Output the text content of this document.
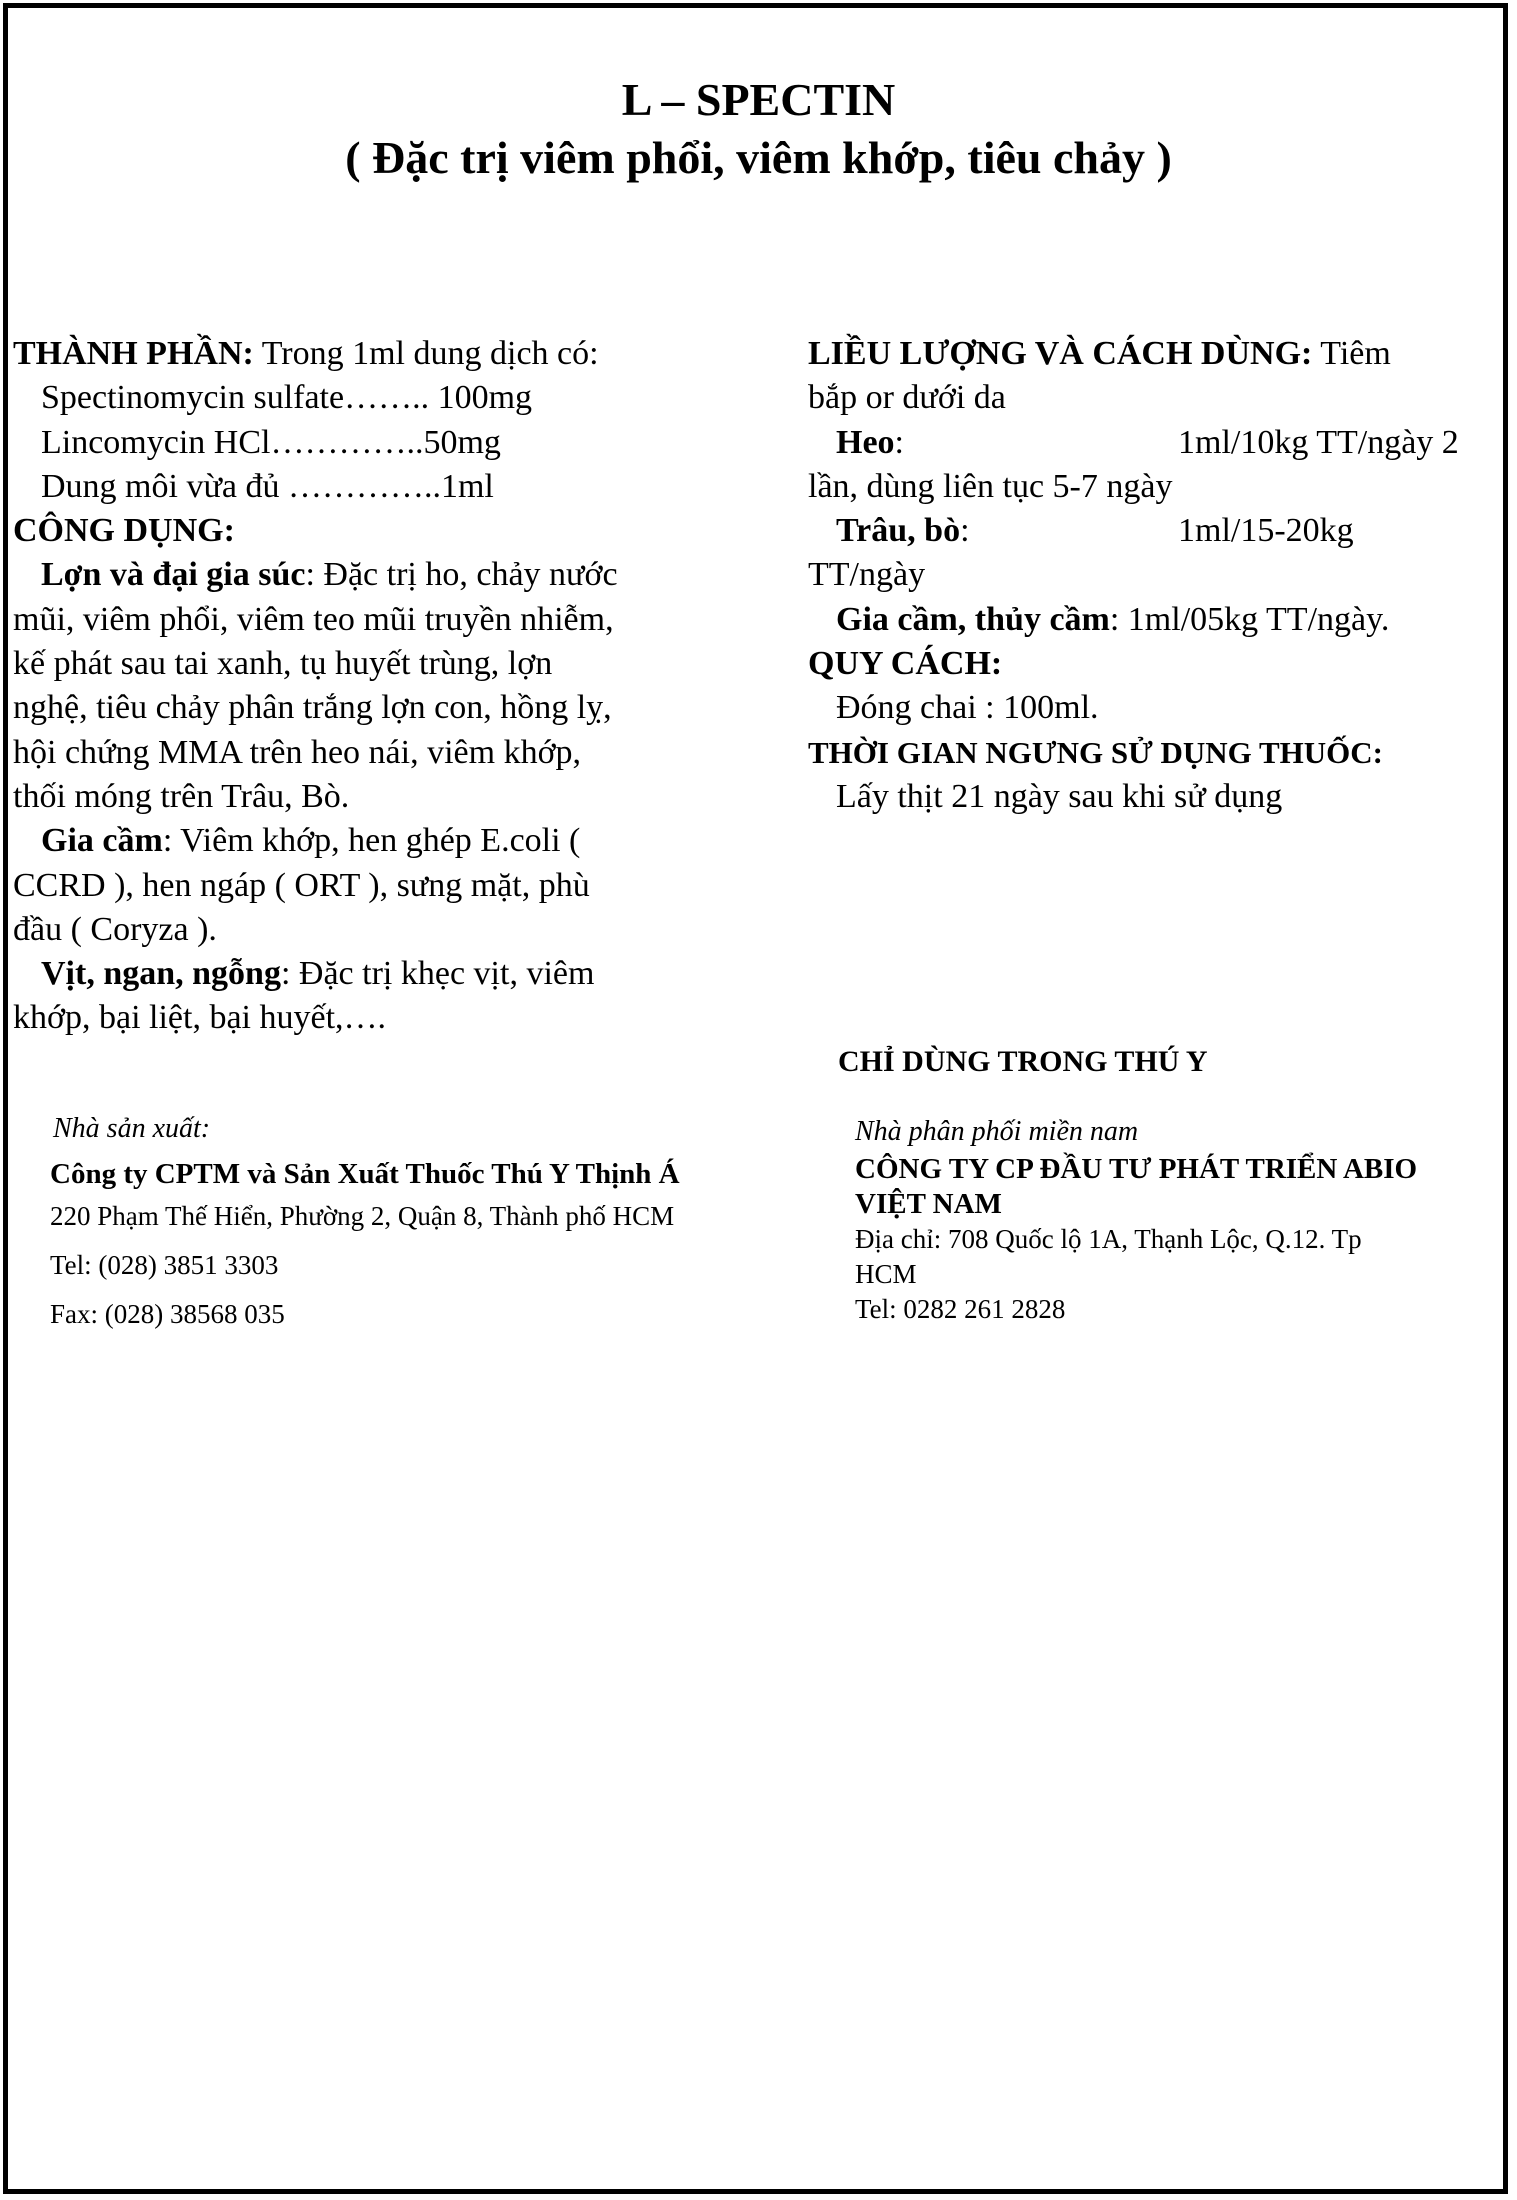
L – SPECTIN
( Đặc trị viêm phổi, viêm khớp, tiêu chảy )
THÀNH PHẦN: Trong 1ml dung dịch có:
Spectinomycin sulfate…….. 100mg
Lincomycin HCl…………..50mg
Dung môi vừa đủ …………..1ml
CÔNG DỤNG:
Lợn và đại gia súc: Đặc trị ho, chảy nước
mũi, viêm phổi, viêm teo mũi truyền nhiễm,
kế phát sau tai xanh, tụ huyết trùng, lợn
nghệ, tiêu chảy phân trắng lợn con, hồng lỵ,
hội chứng MMA trên heo nái, viêm khớp,
thối móng trên Trâu, Bò.
Gia cầm: Viêm khớp, hen ghép E.coli (
CCRD ), hen ngáp ( ORT ), sưng mặt, phù
đầu ( Coryza ).
Vịt, ngan, ngỗng: Đặc trị khẹc vịt, viêm
khớp, bại liệt, bại huyết,….
LIỀU LƯỢNG VÀ CÁCH DÙNG: Tiêm
bắp or dưới da
Heo:	1ml/10kg TT/ngày 2
lần, dùng liên tục 5-7 ngày
Trâu, bò:	1ml/15-20kg
TT/ngày
Gia cầm, thủy cầm: 1ml/05kg TT/ngày.
QUY CÁCH:
Đóng chai : 100ml.
THỜI GIAN NGƯNG SỬ DỤNG THUỐC:
Lấy thịt 21 ngày sau khi sử dụng
CHỈ DÙNG TRONG THÚ Y
Nhà sản xuất:
Công ty CPTM và Sản Xuất Thuốc Thú Y Thịnh Á
220 Phạm Thế Hiển, Phường 2, Quận 8, Thành phố HCM
Tel: (028) 3851 3303
Fax: (028) 38568 035
Nhà phân phối miền nam
CÔNG TY CP ĐẦU TƯ PHÁT TRIỂN ABIO
VIỆT NAM
Địa chỉ: 708 Quốc lộ 1A, Thạnh Lộc, Q.12. Tp
HCM
Tel: 0282 261 2828
